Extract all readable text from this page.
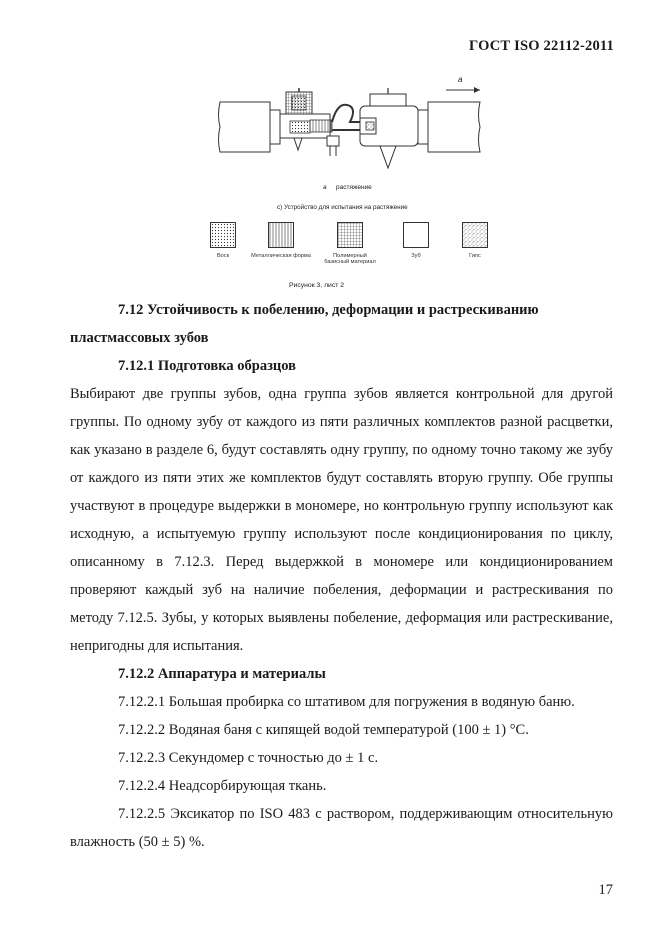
ГОСТ ISO 22112-2011
a
a растяжение
c) Устройство для испытания на растяжение
Воск	Металлическая форма	Полимерный базисный материал
Зуб	Гипс
Рисунок 3, лист 2

7.12 Устойчивость к побелению, деформации и растрескиванию

пластмассовых зубов

7.12.1 Подготовка образцов

Выбирают две группы зубов, одна группа зубов является контрольной для другой группы. По одному зубу от каждого из пяти различных комплектов разной расцветки, как указано в разделе 6, будут составлять одну группу, по одному точно такому же зубу от каждого из пяти этих же комплектов будут составлять вторую группу. Обе группы участвуют в процедуре выдержки в мономере, но контрольную группу используют как исходную, а испытуемую группу используют после кондиционирования по циклу, описанному в 7.12.3. Перед выдержкой в мономере или кондиционированием проверяют каждый зуб на наличие побеления, деформации и растрескивания по методу 7.12.5. Зубы, у которых выявлены побеление, деформация или растрескивание, непригодны для испытания.

7.12.2 Аппаратура и материалы

7.12.2.1 Большая пробирка со штативом для погружения в водяную баню.

7.12.2.2 Водяная баня с кипящей водой температурой (100 ± 1) °С.

7.12.2.3 Секундомер с точностью до ± 1 с.

7.12.2.4 Неадсорбирующая ткань.

7.12.2.5 Эксикатор по ISO 483 с раствором, поддерживающим относительную влажность (50 ± 5) %.

17
